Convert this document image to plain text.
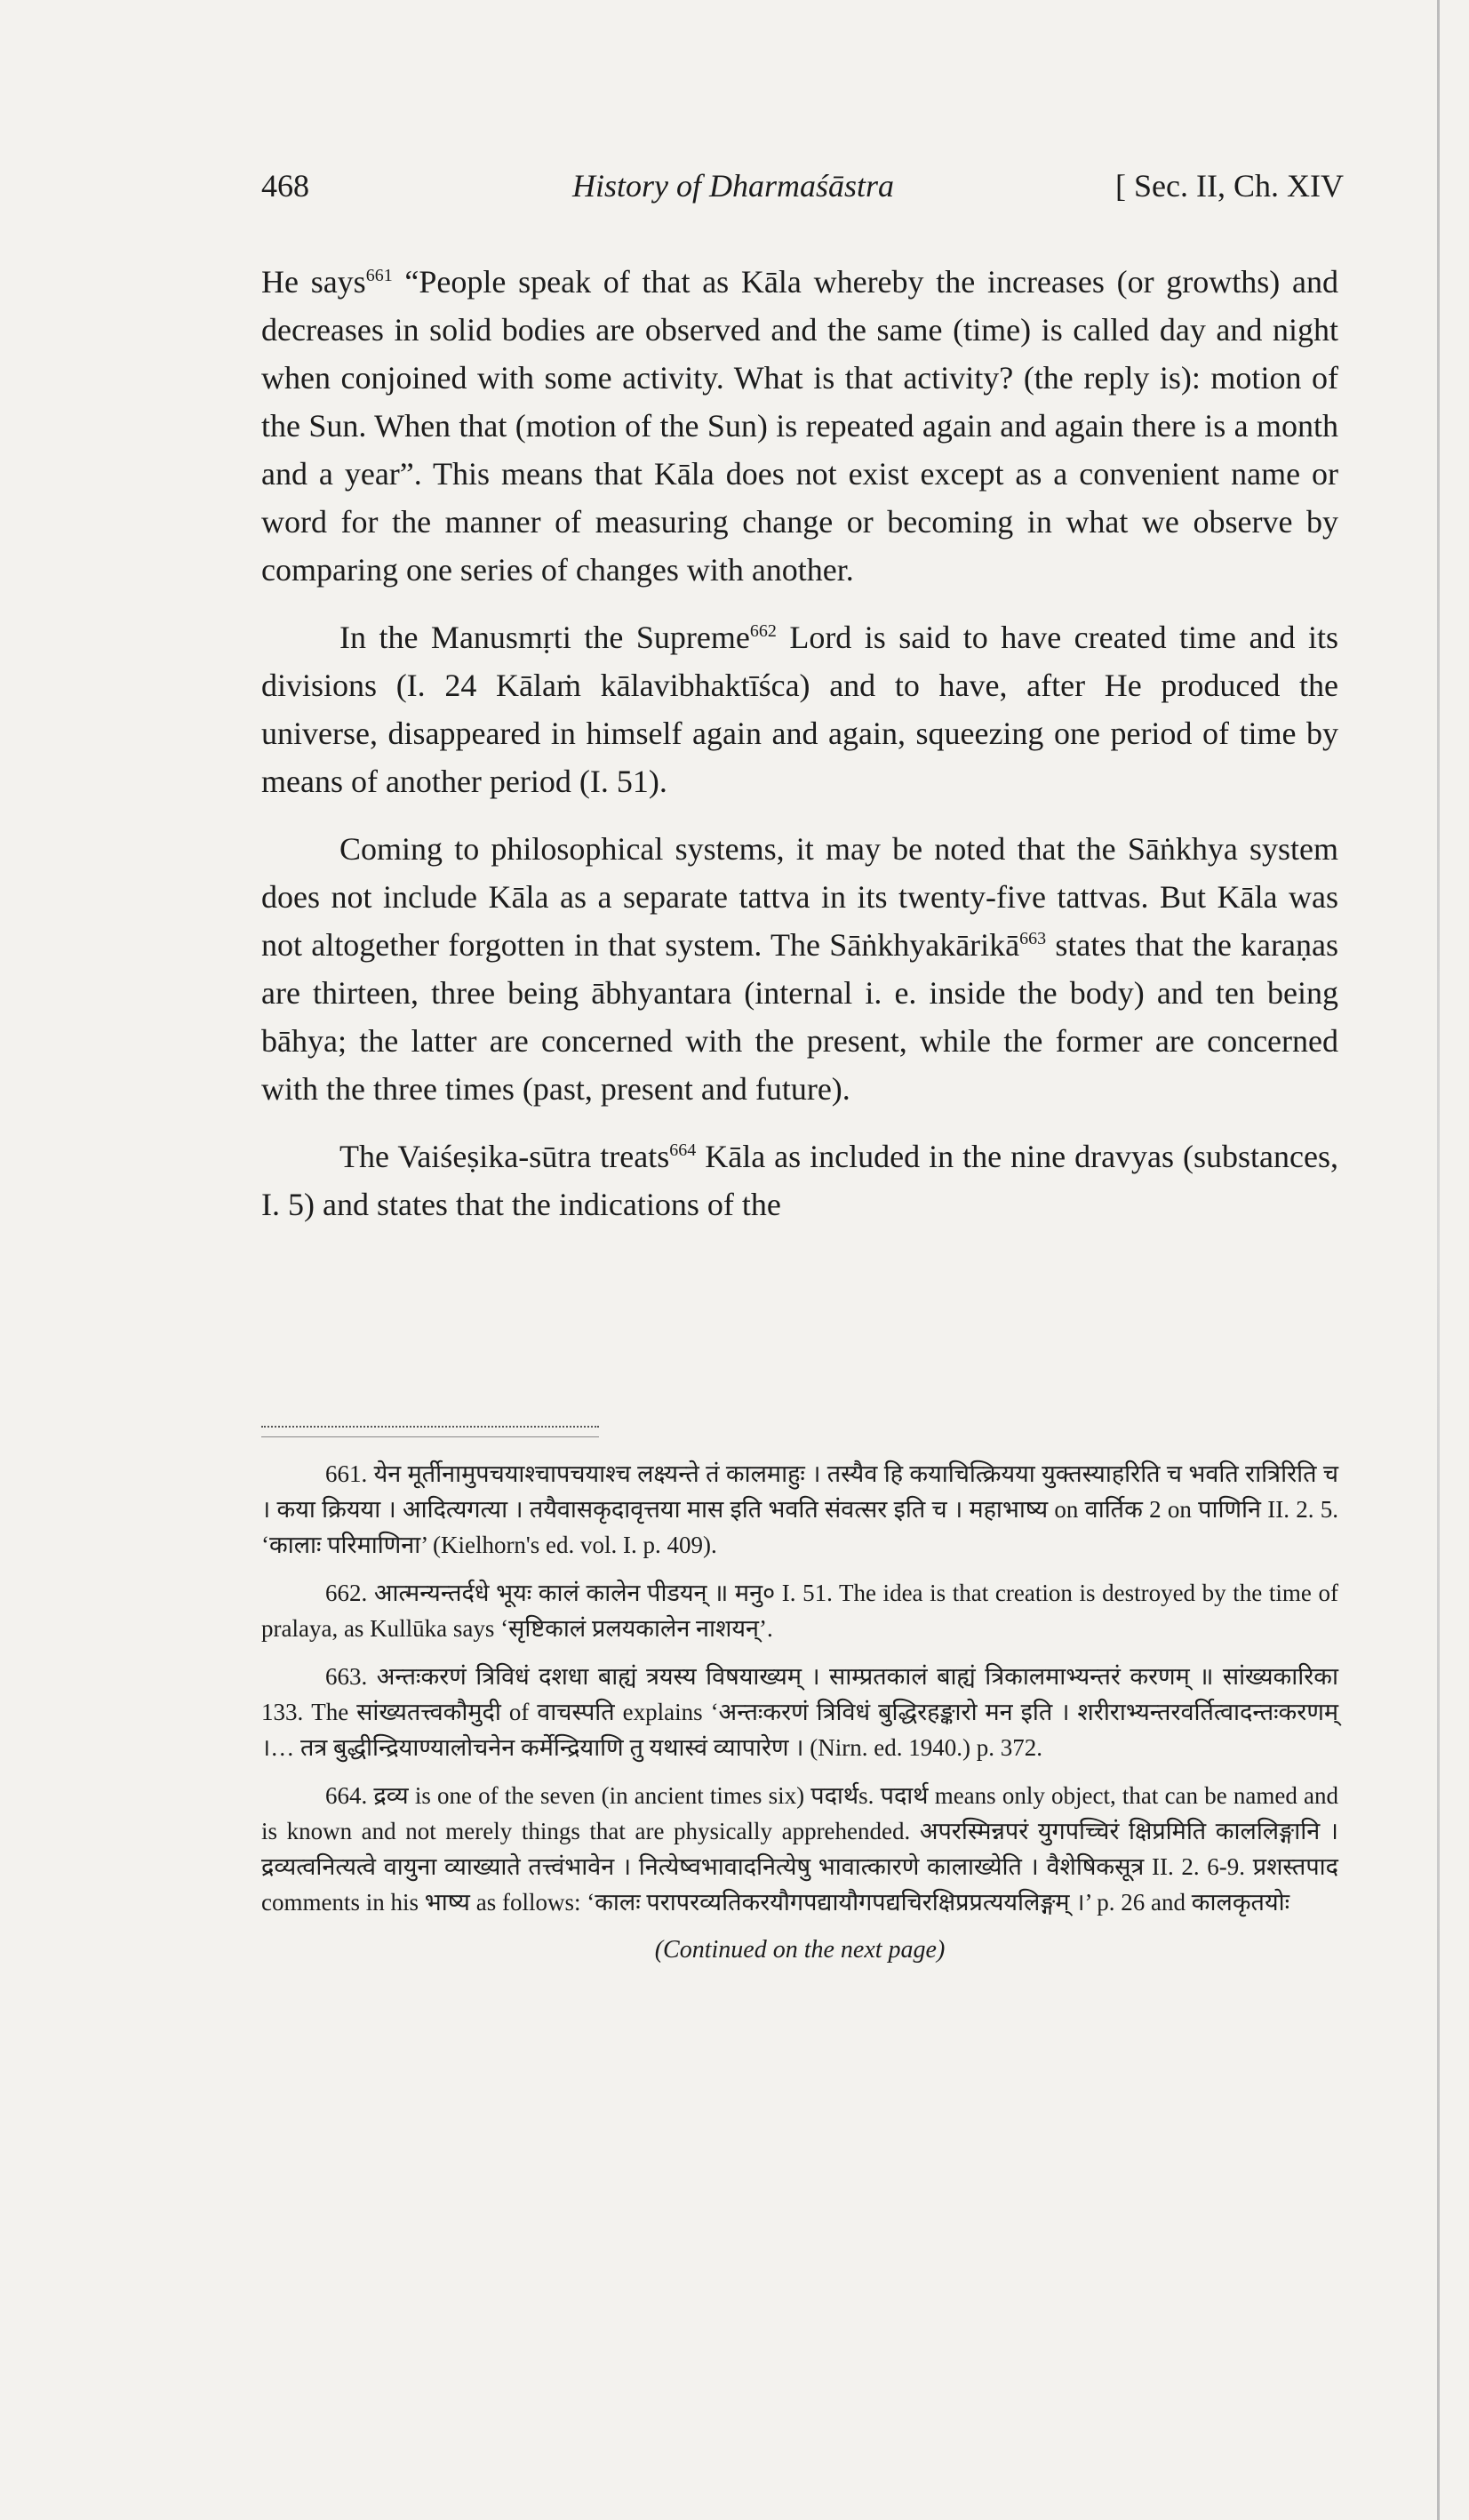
468	History of Dharmaśāstra	[ Sec. II, Ch. XIV

He says$^{661}$ “People speak of that as Kāla whereby the increases (or growths) and decreases in solid bodies are observed and the same (time) is called day and night when conjoined with some activity. What is that activity? (the reply is): motion of the Sun. When that (motion of the Sun) is repeated again and again there is a month and a year”. This means that Kāla does not exist except as a convenient name or word for the manner of measuring change or becoming in what we observe by comparing one series of changes with another.

In the Manusmṛti the Supreme$^{662}$ Lord is said to have created time and its divisions (I. 24 Kālaṁ kālavibhaktīśca) and to have, after He produced the universe, disappeared in himself again and again, squeezing one period of time by means of another period (I. 51).

Coming to philosophical systems, it may be noted that the Sāṅkhya system does not include Kāla as a separate tattva in its twenty-five tattvas. But Kāla was not altogether forgotten in that system. The Sāṅkhyakārikā$^{663}$ states that the karaṇas are thirteen, three being ābhyantara (internal i. e. inside the body) and ten being bāhya; the latter are concerned with the present, while the former are concerned with the three times (past, present and future).

The Vaiśeṣika-sūtra treats$^{664}$ Kāla as included in the nine dravyas (substances, I. 5) and states that the indications of the

661. येन मूर्तीनामुपचयाश्चापचयाश्च लक्ष्यन्ते तं कालमाहुः । तस्यैव हि कयाचित्क्रियया युक्तस्याहरिति च भवति रात्रिरिति च । कया क्रियया । आदित्यगत्या । तयैवासकृदावृत्तया मास इति भवति संवत्सर इति च । महाभाष्य on वार्तिक 2 on पाणिनि II. 2. 5. ‘कालाः परिमाणिना’ (Kielhorn's ed. vol. I. p. 409).

662. आत्मन्यन्तर्दधे भूयः कालं कालेन पीडयन् ॥ मनु० I. 51. The idea is that creation is destroyed by the time of pralaya, as Kullūka says ‘सृष्टिकालं प्रलयकालेन नाशयन्’.

663. अन्तःकरणं त्रिविधं दशधा बाह्यं त्रयस्य विषयाख्यम् । साम्प्रतकालं बाह्यं त्रिकालमाभ्यन्तरं करणम् ॥ सांख्यकारिका 133. The सांख्यतत्त्वकौमुदी of वाचस्पति explains ‘अन्तःकरणं त्रिविधं बुद्धिरहङ्कारो मन इति । शरीराभ्यन्तरवर्तित्वादन्तःकरणम् ।… तत्र बुद्धीन्द्रियाण्यालोचनेन कर्मेन्द्रियाणि तु यथास्वं व्यापारेण । (Nirn. ed. 1940.) p. 372.

664. द्रव्य is one of the seven (in ancient times six) पदार्थs. पदार्थ means only object, that can be named and is known and not merely things that are physically apprehended. अपरस्मिन्नपरं युगपच्चिरं क्षिप्रमिति काललिङ्गानि । द्रव्यत्वनित्यत्वे वायुना व्याख्याते तत्त्वंभावेन । नित्येष्वभावादनित्येषु भावात्कारणे कालाख्येति । वैशेषिकसूत्र II. 2. 6-9. प्रशस्तपाद comments in his भाष्य as follows: ‘कालः परापरव्यतिकरयौगपद्यायौगपद्यचिरक्षिप्रप्रत्ययलिङ्गम् ।’ p. 26 and कालकृतयोः

(Continued on the next page)
